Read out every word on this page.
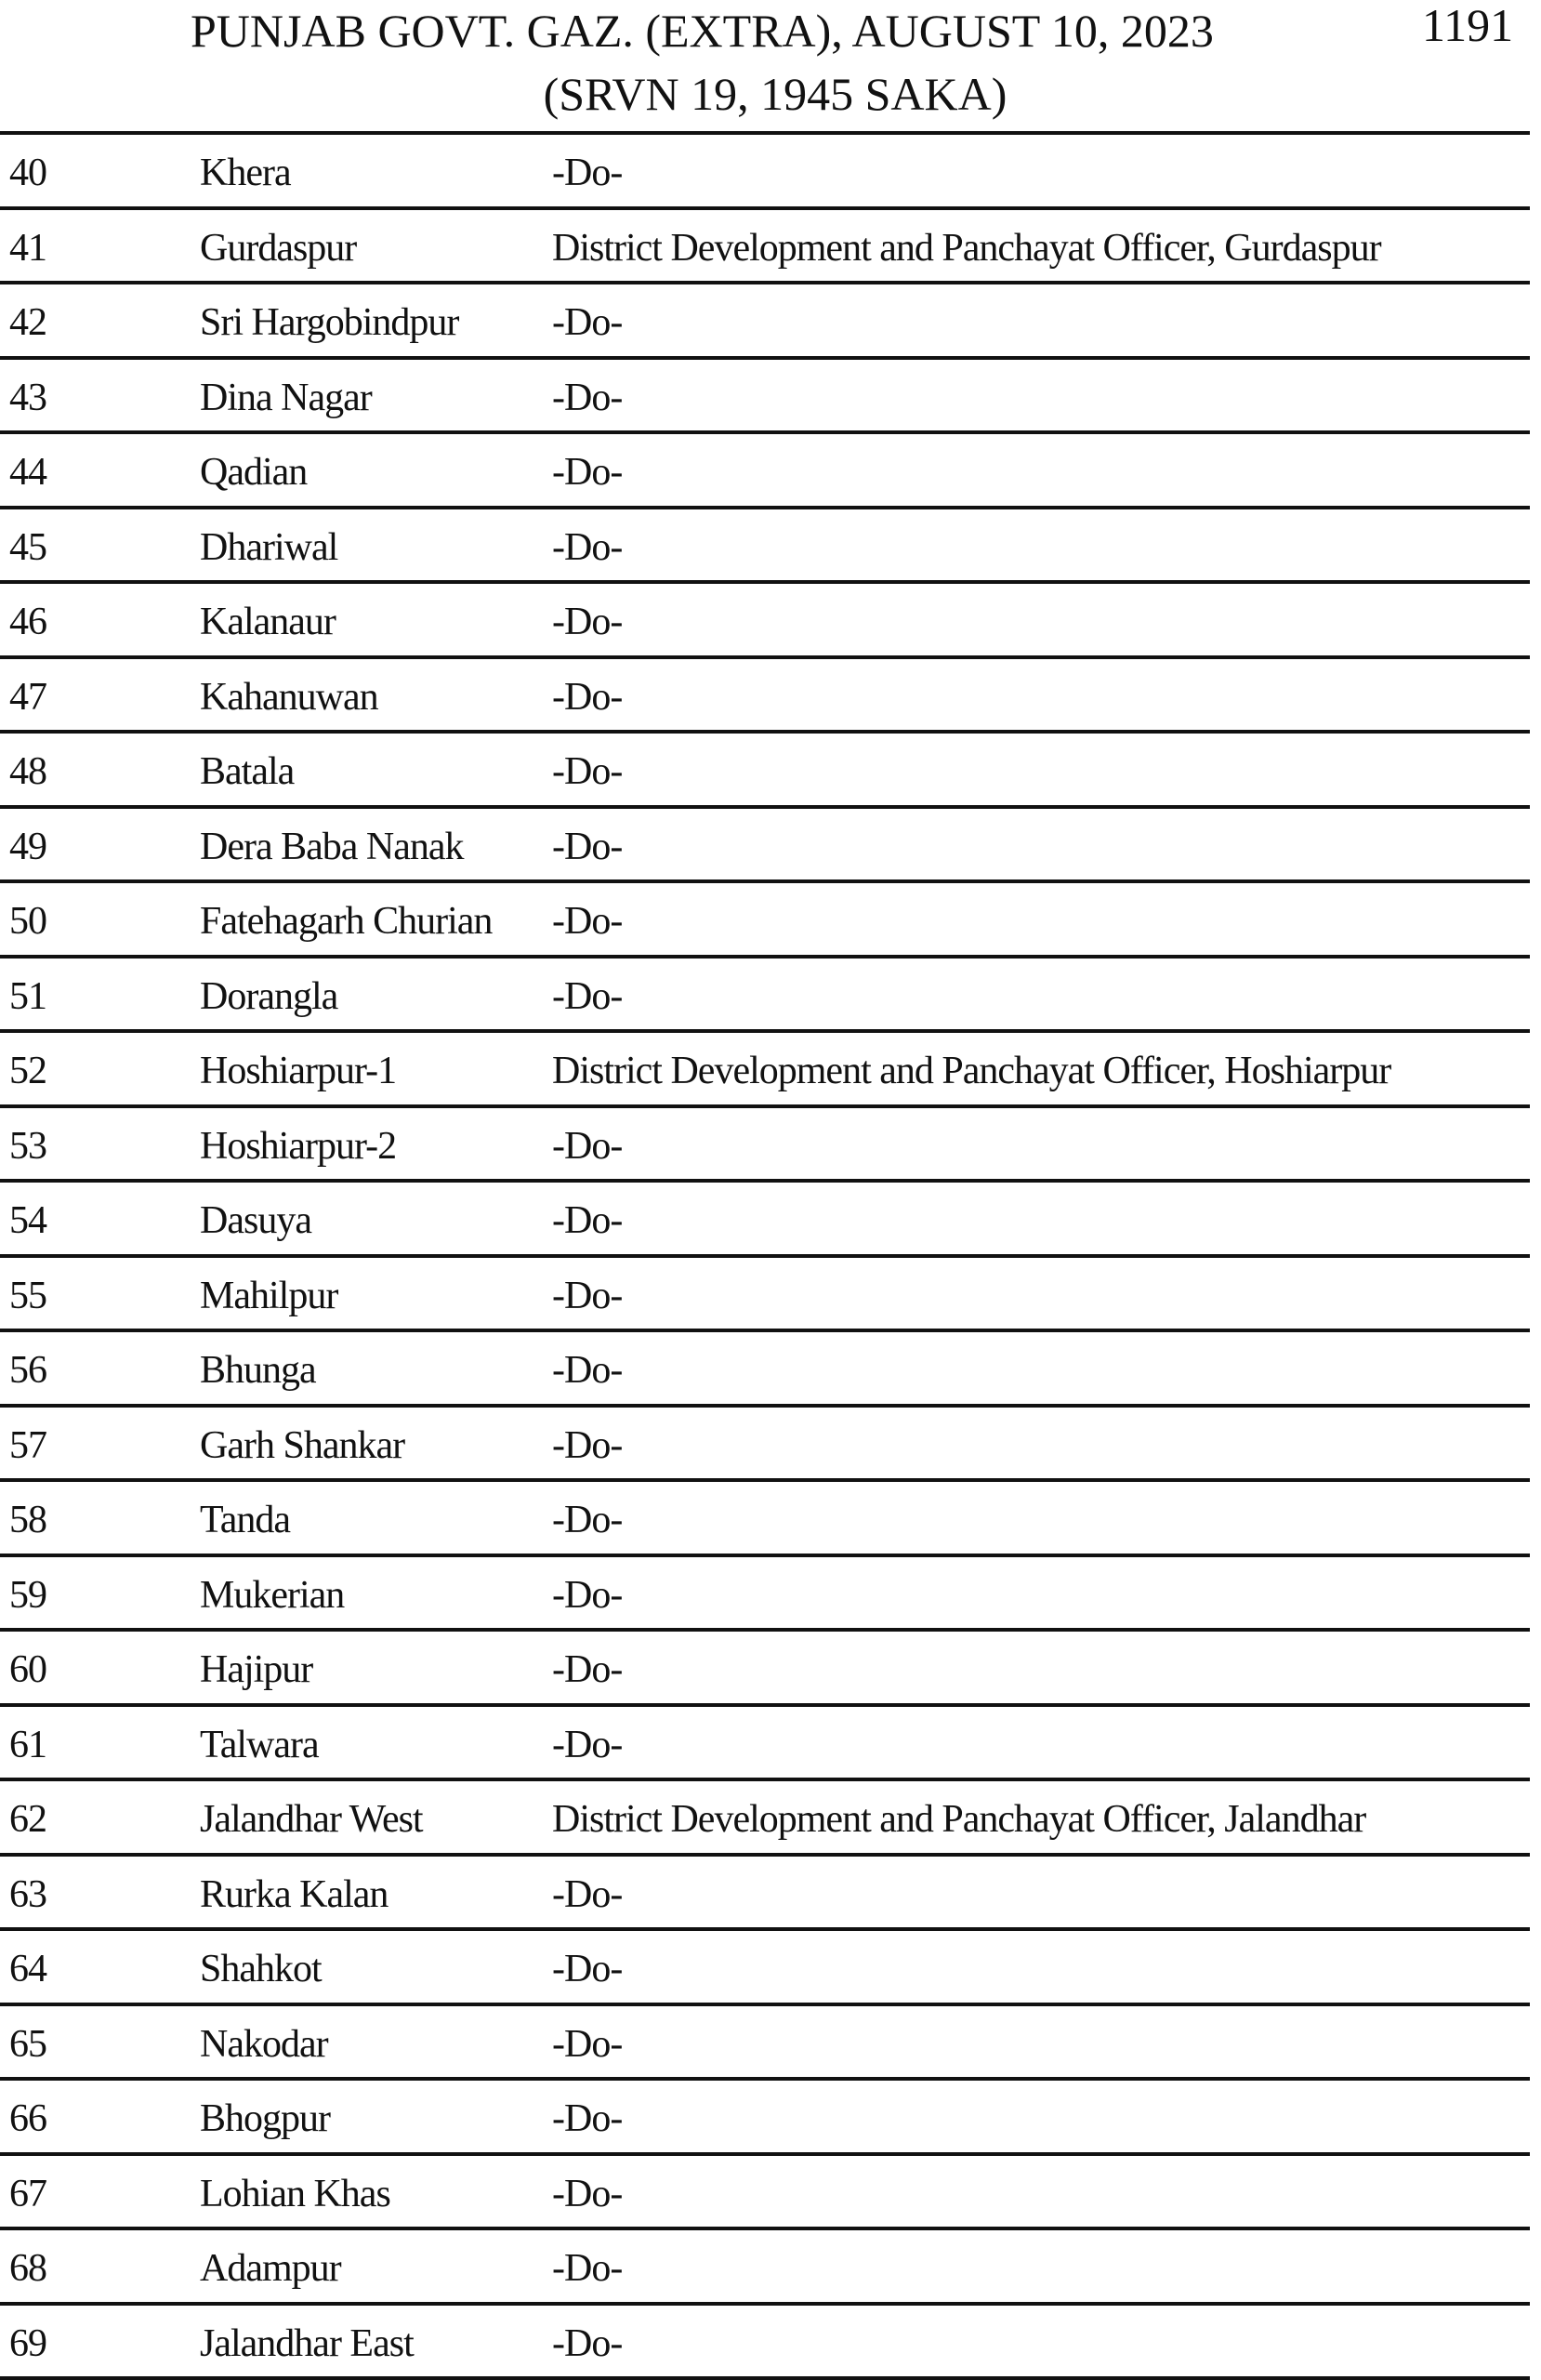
PUNJAB GOVT. GAZ. (EXTRA), AUGUST 10, 2023	1191
(SRVN 19, 1945 SAKA)
40	Khera	-Do-
41	Gurdaspur	District Development and Panchayat Officer, Gurdaspur
42	Sri Hargobindpur -Do-
43	Dina Nagar	-Do-
44	Qadian	-Do-
45	Dhariwal	-Do-
46	Kalanaur	-Do-
47	Kahanuwan	-Do-
48	Batala	-Do-
49	Dera Baba Nanak -Do-
50	Fatehagarh Churian -Do-
51	Dorangla	-Do-
52	Hoshiarpur-1	District Development and Panchayat Officer, Hoshiarpur
53	Hoshiarpur-2	-Do-
54	Dasuya	-Do-
55	Mahilpur	-Do-
56	Bhunga	-Do-
57	Garh Shankar	-Do-
58	Tanda	-Do-
59	Mukerian	-Do-
60	Hajipur	-Do-
61	Talwara	-Do-
62	Jalandhar West	District Development and Panchayat Officer, Jalandhar
63	Rurka Kalan	-Do-
64	Shahkot	-Do-
65	Nakodar	-Do-
66	Bhogpur	-Do-
67	Lohian Khas	-Do-
68	Adampur	-Do-
69	Jalandhar East	-Do-
